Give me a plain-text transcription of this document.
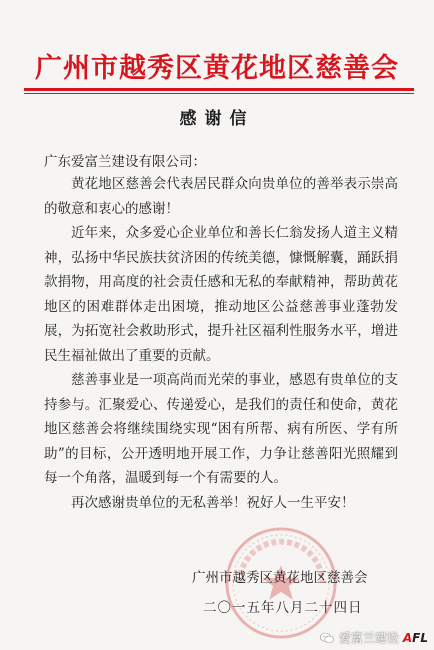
广州市越秀区黄花地区慈善会
感谢信
广东爱富兰建设有限公司：

黄花地区慈善会代表居民群众向贵单位的善举表示崇高的敬意和衷心的感谢！

近年来，众多爱心企业单位和善长仁翁发扬人道主义精神，弘扬中华民族扶贫济困的传统美德，慷慨解囊，踊跃捐款捐物，用高度的社会责任感和无私的奉献精神，帮助黄花地区的困难群体走出困境，推动地区公益慈善事业蓬勃发展，为拓宽社会救助形式，提升社区福利性服务水平，增进民生福祉做出了重要的贡献。

慈善事业是一项高尚而光荣的事业，感恩有贵单位的支持参与。汇聚爱心、传递爱心，是我们的责任和使命，黄花地区慈善会将继续围绕实现“困有所帮、病有所医、学有所助”的目标，公开透明地开展工作，力争让慈善阳光照耀到每一个角落，温暖到每一个有需要的人。

再次感谢贵单位的无私善举！祝好人一生平安！

广州市越秀区黄花地区慈善会
二〇一五年八月二十四日
爱富兰建设 AFL
